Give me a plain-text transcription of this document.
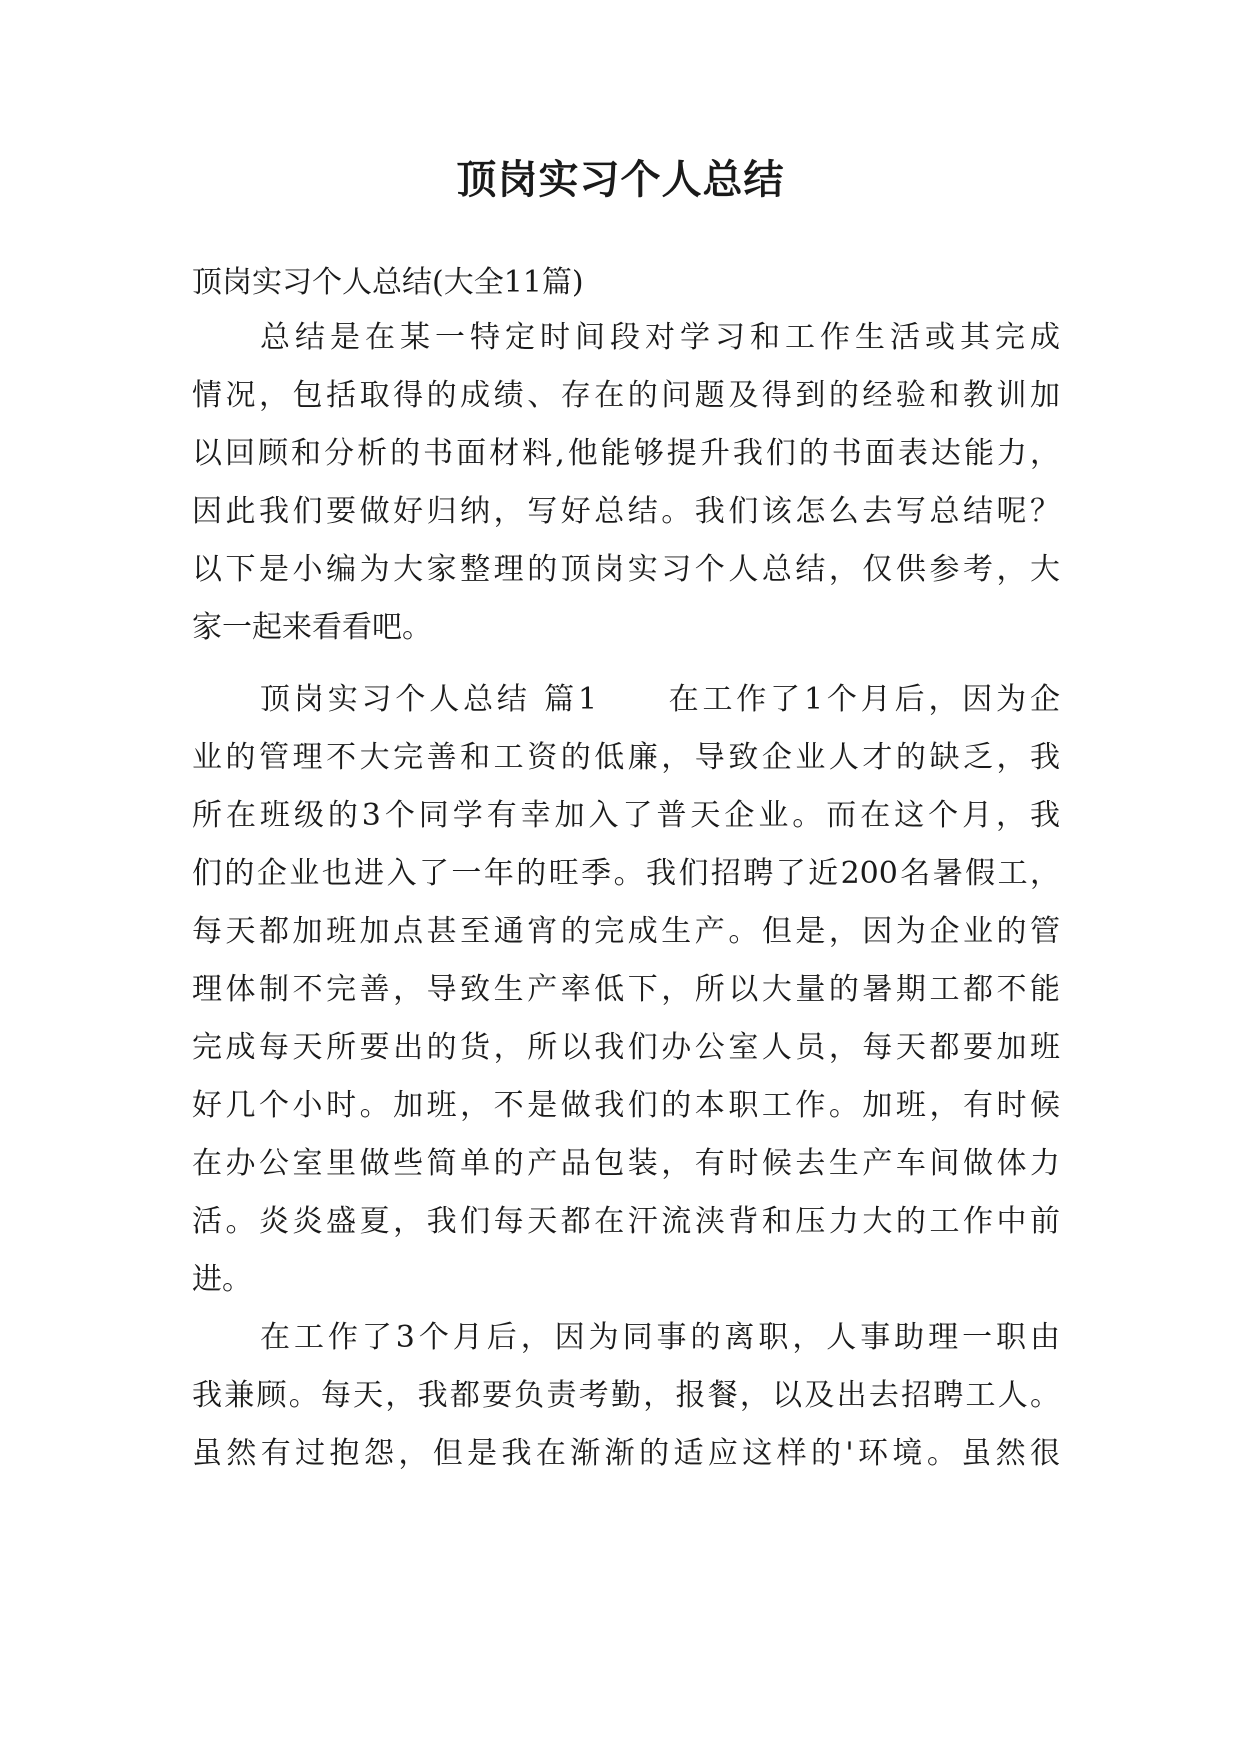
顶岗实习个人总结
顶岗实习个人总结(大全11篇)
总结是在某一特定时间段对学习和工作生活或其完成
情况，包括取得的成绩、存在的问题及得到的经验和教训加
以回顾和分析的书面材料,他能够提升我们的书面表达能力，
因此我们要做好归纳，写好总结。我们该怎么去写总结呢？
以下是小编为大家整理的顶岗实习个人总结，仅供参考，大
家一起来看看吧。
顶岗实习个人总结 篇1　　在工作了1个月后，因为企
业的管理不大完善和工资的低廉，导致企业人才的缺乏，我
所在班级的3个同学有幸加入了普天企业。而在这个月，我
们的企业也进入了一年的旺季。我们招聘了近200名暑假工，
每天都加班加点甚至通宵的完成生产。但是，因为企业的管
理体制不完善，导致生产率低下，所以大量的暑期工都不能
完成每天所要出的货，所以我们办公室人员，每天都要加班
好几个小时。加班，不是做我们的本职工作。加班，有时候
在办公室里做些简单的产品包装，有时候去生产车间做体力
活。炎炎盛夏，我们每天都在汗流浃背和压力大的工作中前
进。
在工作了3个月后，因为同事的离职，人事助理一职由
我兼顾。每天，我都要负责考勤，报餐，以及出去招聘工人。
虽然有过抱怨，但是我在渐渐的适应这样的'环境。虽然很
